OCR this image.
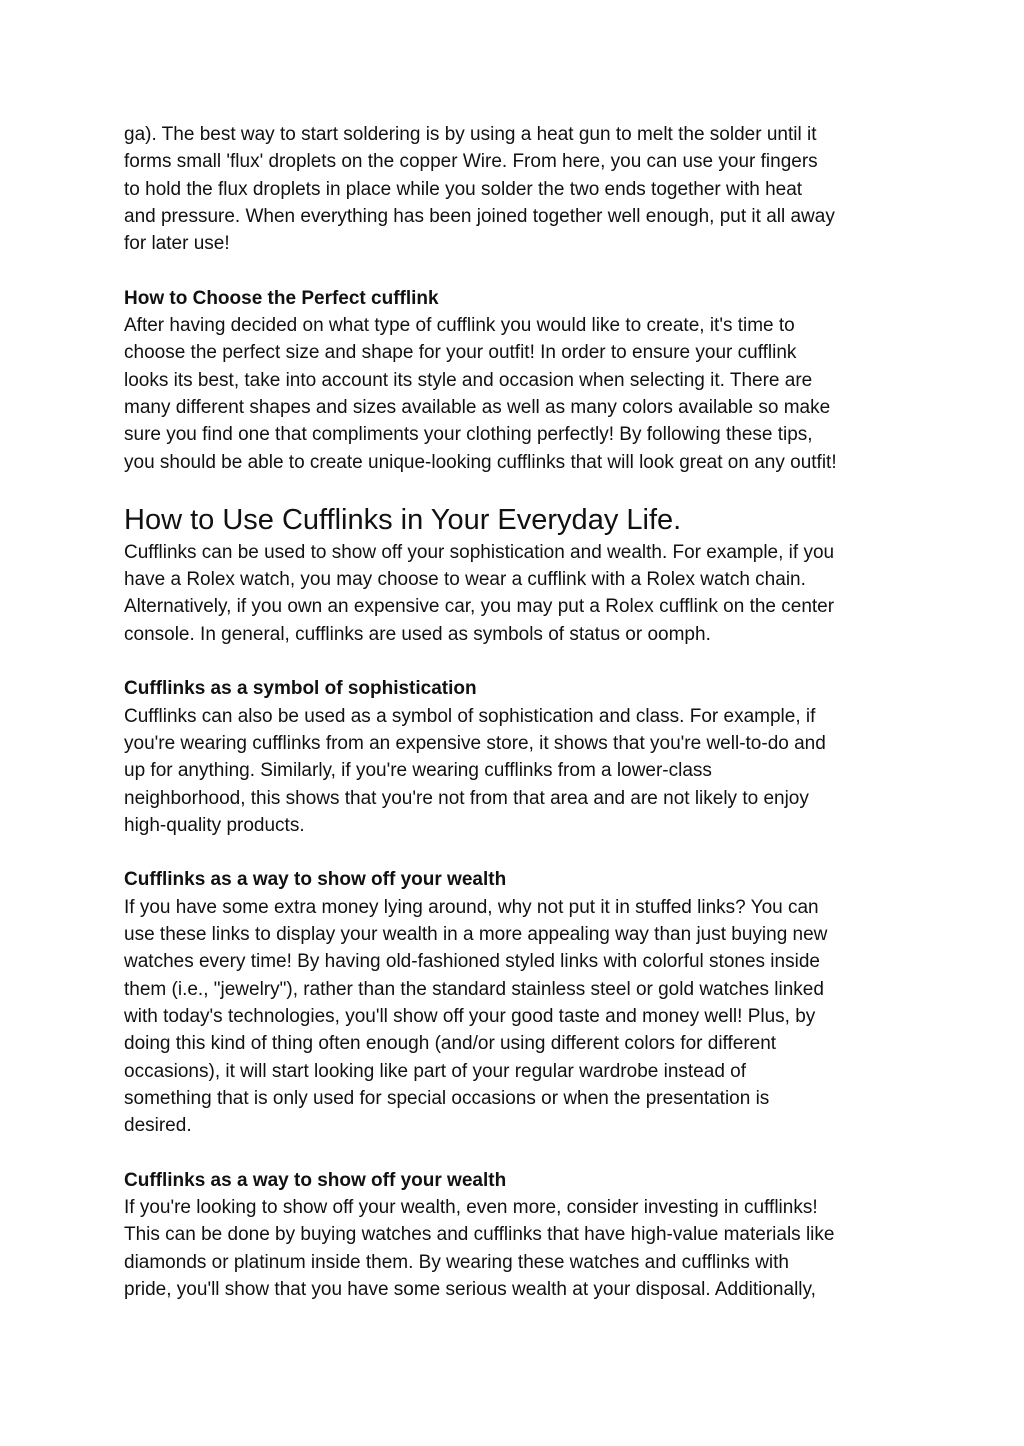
ga). The best way to start soldering is by using a heat gun to melt the solder until it
forms small 'flux' droplets on the copper Wire. From here, you can use your fingers
to hold the flux droplets in place while you solder the two ends together with heat
and pressure. When everything has been joined together well enough, put it all away
for later use!

How to Choose the Perfect cufflink

After having decided on what type of cufflink you would like to create, it's time to
choose the perfect size and shape for your outfit! In order to ensure your cufflink
looks its best, take into account its style and occasion when selecting it. There are
many different shapes and sizes available as well as many colors available so make
sure you find one that compliments your clothing perfectly! By following these tips,
you should be able to create unique-looking cufflinks that will look great on any outfit!

How to Use Cufflinks in Your Everyday Life.

Cufflinks can be used to show off your sophistication and wealth. For example, if you
have a Rolex watch, you may choose to wear a cufflink with a Rolex watch chain.
Alternatively, if you own an expensive car, you may put a Rolex cufflink on the center
console. In general, cufflinks are used as symbols of status or oomph.

Cufflinks as a symbol of sophistication

Cufflinks can also be used as a symbol of sophistication and class. For example, if
you're wearing cufflinks from an expensive store, it shows that you're well-to-do and
up for anything. Similarly, if you're wearing cufflinks from a lower-class
neighborhood, this shows that you're not from that area and are not likely to enjoy
high-quality products.

Cufflinks as a way to show off your wealth

If you have some extra money lying around, why not put it in stuffed links? You can
use these links to display your wealth in a more appealing way than just buying new
watches every time! By having old-fashioned styled links with colorful stones inside
them (i.e., "jewelry"), rather than the standard stainless steel or gold watches linked
with today's technologies, you'll show off your good taste and money well! Plus, by
doing this kind of thing often enough (and/or using different colors for different
occasions), it will start looking like part of your regular wardrobe instead of
something that is only used for special occasions or when the presentation is
desired.

Cufflinks as a way to show off your wealth

If you're looking to show off your wealth, even more, consider investing in cufflinks!
This can be done by buying watches and cufflinks that have high-value materials like
diamonds or platinum inside them. By wearing these watches and cufflinks with
pride, you'll show that you have some serious wealth at your disposal. Additionally,
